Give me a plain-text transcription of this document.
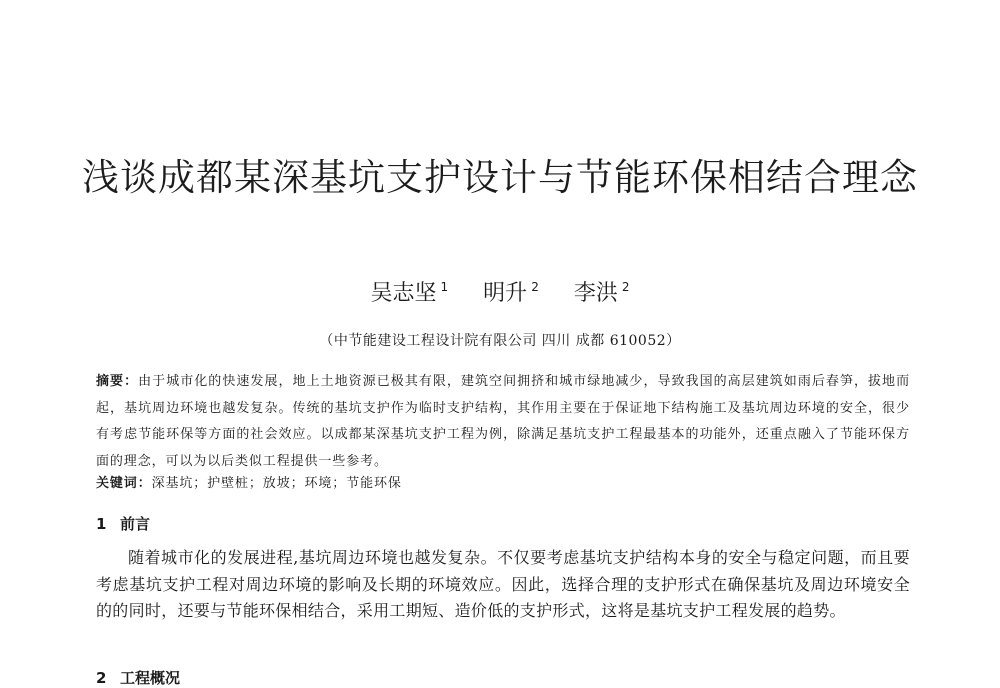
浅谈成都某深基坑支护设计与节能环保相结合理念
吴志坚 $^1$ 明升 $^2$ 李洪 $^2$
（中节能建设工程设计院有限公司 四川 成都 610052）
摘要：由于城市化的快速发展，地上土地资源已极其有限，建筑空间拥挤和城市绿地减少，导致我国的高层建筑如雨后春笋，拔地而起，基坑周边环境也越发复杂。传统的基坑支护作为临时支护结构，其作用主要在于保证地下结构施工及基坑周边环境的安全，很少有考虑节能环保等方面的社会效应。以成都某深基坑支护工程为例，除满足基坑支护工程最基本的功能外，还重点融入了节能环保方面的理念，可以为以后类似工程提供一些参考。
关键词：深基坑；护壁桩；放坡；环境；节能环保
1 前言
随着城市化的发展进程,基坑周边环境也越发复杂。不仅要考虑基坑支护结构本身的安全与稳定问题，而且要考虑基坑支护工程对周边环境的影响及长期的环境效应。因此，选择合理的支护形式在确保基坑及周边环境安全的的同时，还要与节能环保相结合，采用工期短、造价低的支护形式，这将是基坑支护工程发展的趋势。
2 工程概况
